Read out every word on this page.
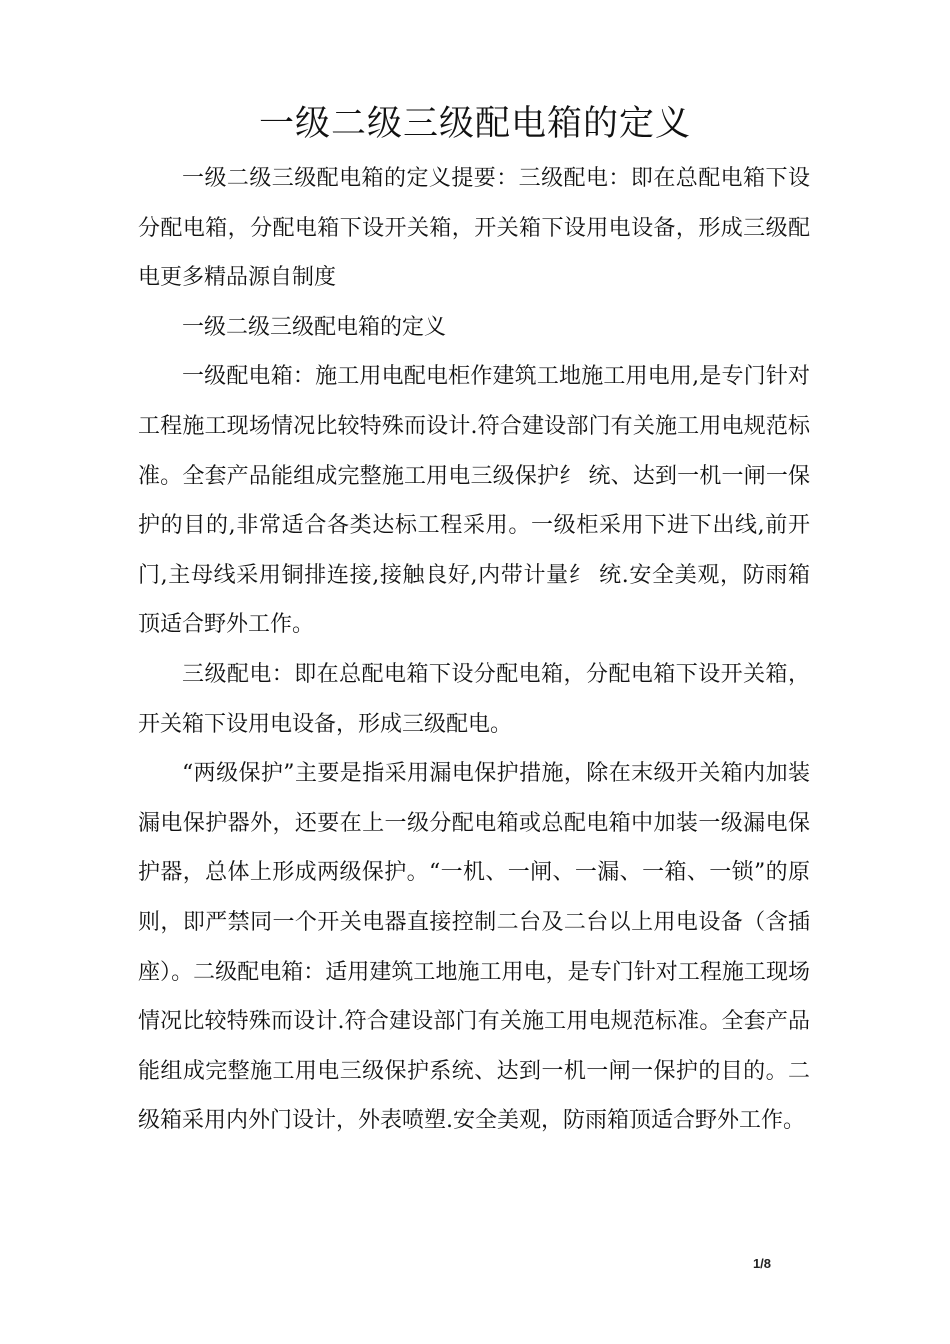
一级二级三级配电箱的定义

一级二级三级配电箱的定义提要：三级配电：即在总配电箱下设分配电箱，分配电箱下设开关箱，开关箱下设用电设备，形成三级配电更多精品源自制度

一级二级三级配电箱的定义

一级配电箱：施工用电配电柜作建筑工地施工用电用,是专门针对工程施工现场情况比较特殊而设计.符合建设部门有关施工用电规范标准。全套产品能组成完整施工用电三级保护纟 统、达到一机一闸一保护的目的,非常适合各类达标工程采用。一级柜采用下进下出线,前开门,主母线采用铜排连接,接触良好,内带计量纟 统.安全美观，防雨箱顶适合野外工作。

三级配电：即在总配电箱下设分配电箱，分配电箱下设开关箱，开关箱下设用电设备，形成三级配电。

“两级保护”主要是指采用漏电保护措施，除在末级开关箱内加装漏电保护器外，还要在上一级分配电箱或总配电箱中加装一级漏电保护器，总体上形成两级保护。“一机、一闸、一漏、一箱、一锁”的原则，即严禁同一个开关电器直接控制二台及二台以上用电设备（含插座）。二级配电箱：适用建筑工地施工用电，是专门针对工程施工现场情况比较特殊而设计.符合建设部门有关施工用电规范标准。全套产品能组成完整施工用电三级保护系统、达到一机一闸一保护的目的。二级箱采用内外门设计，外表喷塑.安全美观，防雨箱顶适合野外工作。

1/8
